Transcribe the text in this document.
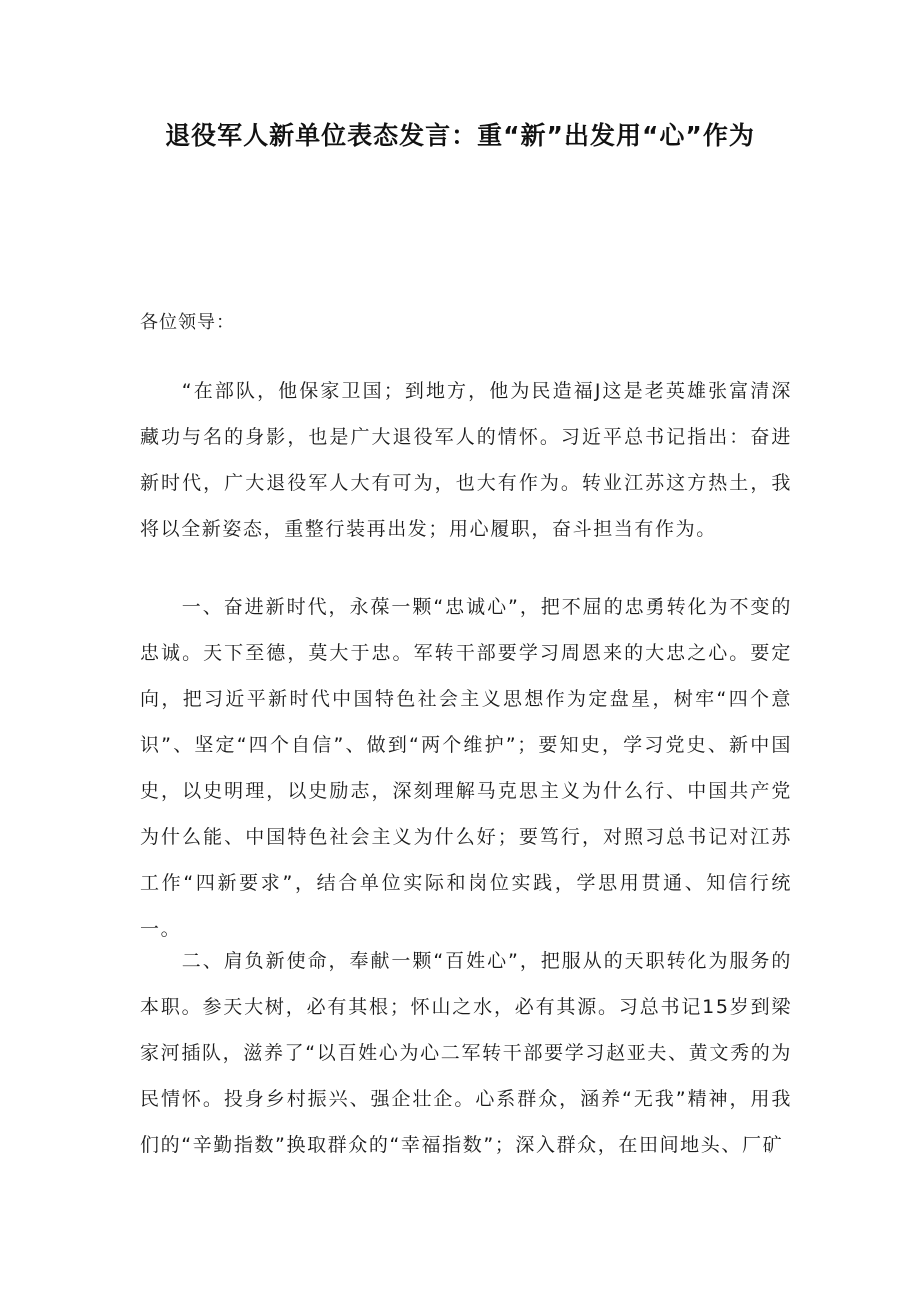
退役军人新单位表态发言：重“新”出发用“心”作为
各位领导：

“在部队，他保家卫国；到地方，他为民造福J这是老英雄张富清深藏功与名的身影，也是广大退役军人的情怀。习近平总书记指出：奋进新时代，广大退役军人大有可为，也大有作为。转业江苏这方热土，我将以全新姿态，重整行装再出发；用心履职，奋斗担当有作为。

一、奋进新时代，永葆一颗“忠诚心”，把不屈的忠勇转化为不变的忠诚。天下至德，莫大于忠。军转干部要学习周恩来的大忠之心。要定向，把习近平新时代中国特色社会主义思想作为定盘星，树牢“四个意识”、坚定“四个自信”、做到“两个维护”；要知史，学习党史、新中国史，以史明理，以史励志，深刻理解马克思主义为什么行、中国共产党为什么能、中国特色社会主义为什么好；要笃行，对照习总书记对江苏工作“四新要求”，结合单位实际和岗位实践，学思用贯通、知信行统一。

二、肩负新使命，奉献一颗“百姓心”，把服从的天职转化为服务的本职。参天大树，必有其根；怀山之水，必有其源。习总书记15岁到梁家河插队，滋养了“以百姓心为心二军转干部要学习赵亚夫、黄文秀的为民情怀。投身乡村振兴、强企壮企。心系群众，涵养“无我”精神，用我们的“辛勤指数”换取群众的“幸福指数”；深入群众，在田间地头、厂矿
